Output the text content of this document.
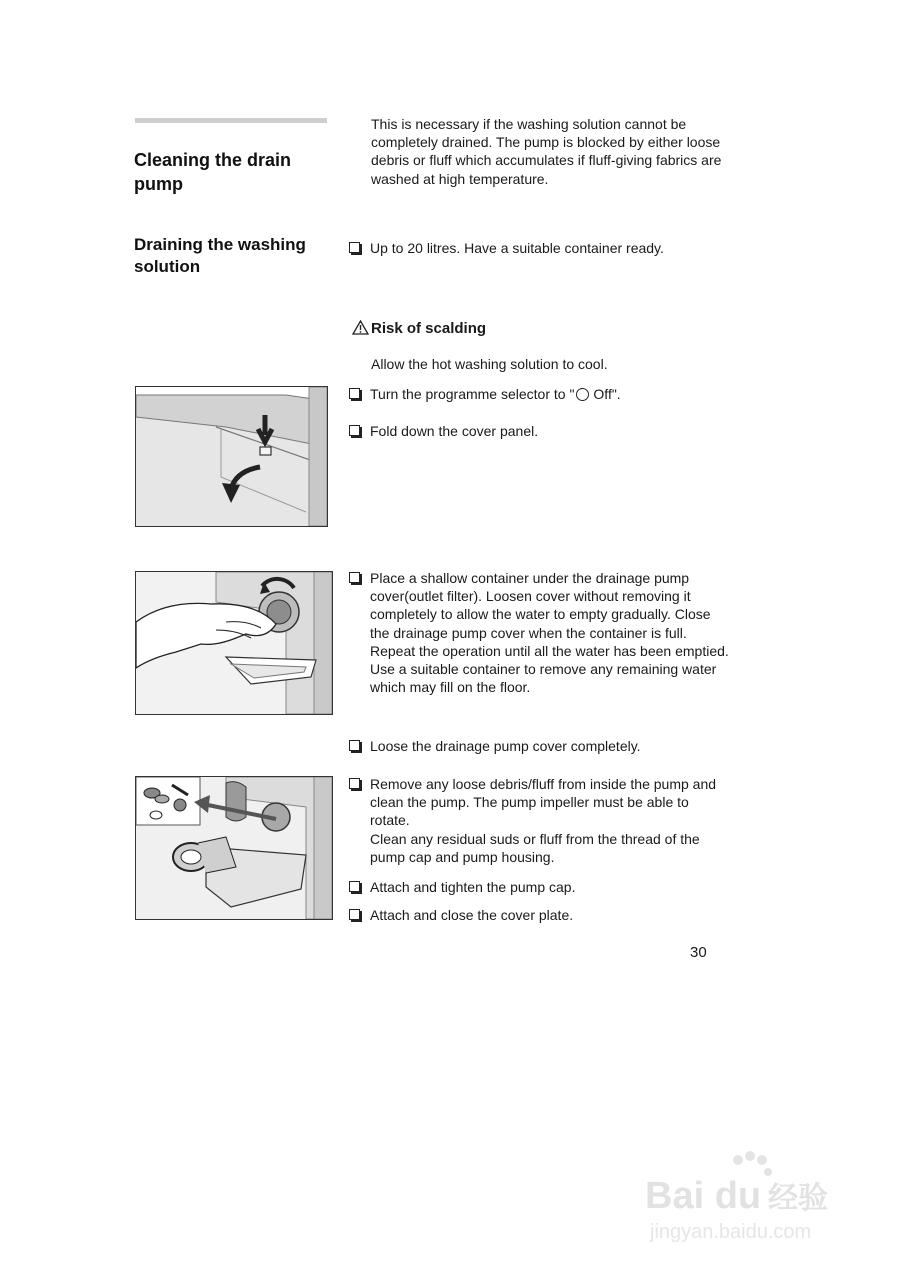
Cleaning the drain pump
Draining the washing solution

This is necessary if the washing solution cannot be completely drained. The pump is blocked by either loose debris or fluff which accumulates if fluff-giving fabrics are washed at high temperature.

Up to 20 litres. Have a suitable container ready.
Risk of scalding

Allow the hot washing solution to cool.

Turn the programme selector to " Off".
Fold down the cover panel.
Place a shallow container under the drainage pump cover(outlet filter). Loosen cover without removing it completely to allow the water to empty gradually. Close the drainage pump cover when the container is full. Repeat the operation until all the water has been emptied. Use a suitable container to remove any remaining water which may fill on the floor.
Loose the drainage pump cover completely.
Remove any loose debris/fluff from inside the pump and clean the pump. The pump impeller must be able to rotate.
Clean any residual suds or fluff from the thread of the pump cap and pump housing.
Attach and tighten the pump cap.
Attach and close the cover plate.
30
Bai du 经验
jingyan.baidu.com
